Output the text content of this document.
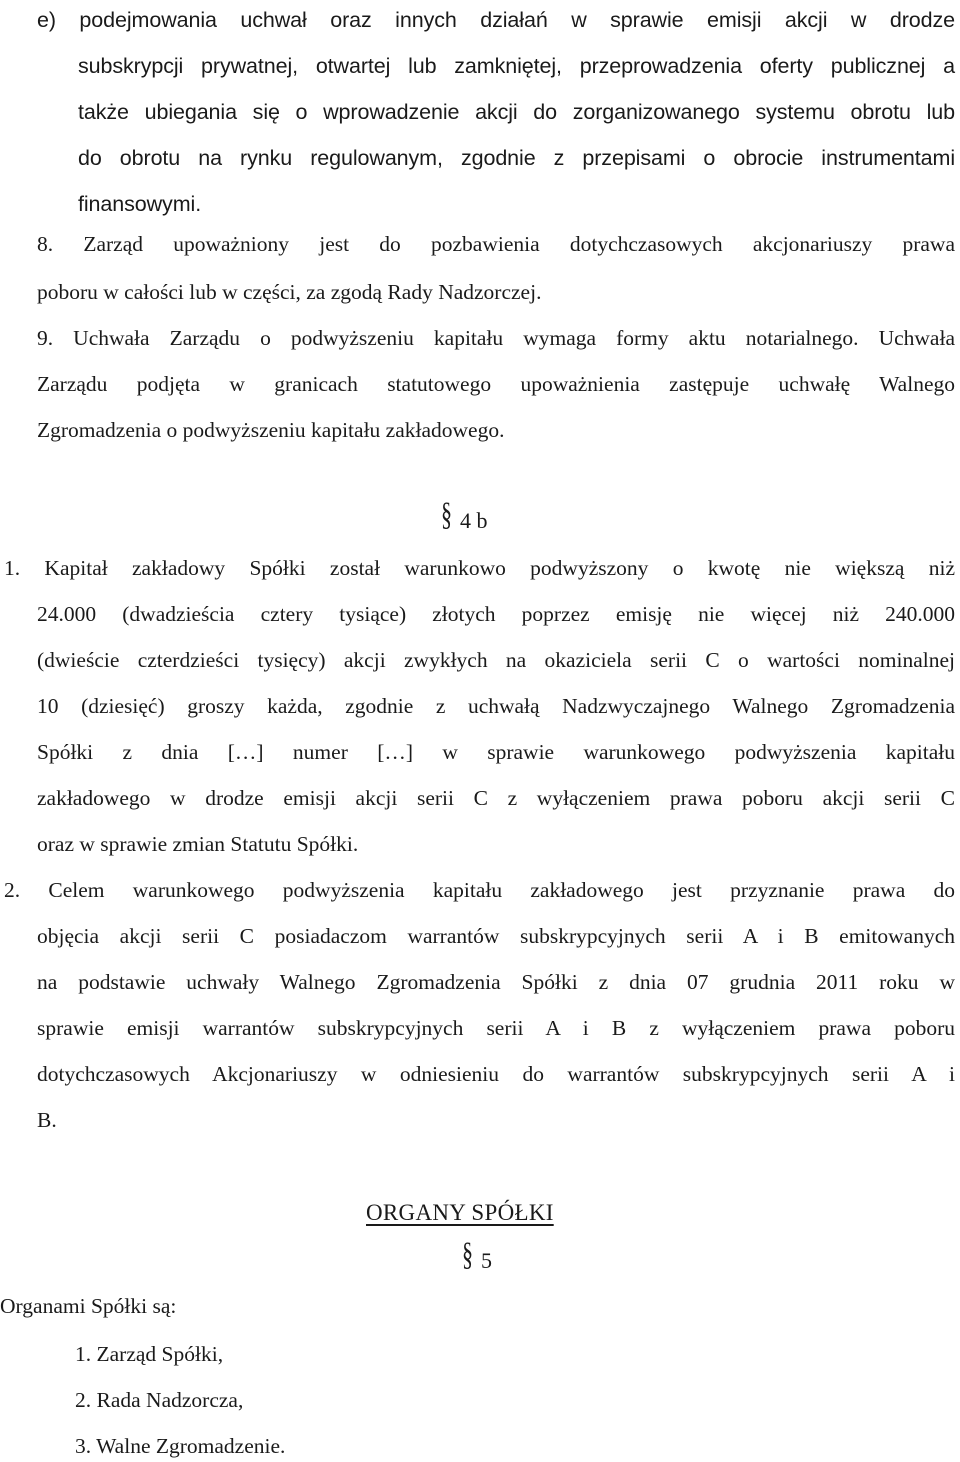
e) podejmowania uchwał oraz innych działań w sprawie emisji akcji w drodze
subskrypcji prywatnej, otwartej lub zamkniętej, przeprowadzenia oferty publicznej a
także ubiegania się o wprowadzenie akcji do zorganizowanego systemu obrotu lub
do obrotu na rynku regulowanym, zgodnie z przepisami o obrocie instrumentami
finansowymi.
8. Zarząd upoważniony jest do pozbawienia dotychczasowych akcjonariuszy prawa
poboru w całości lub w części, za zgodą Rady Nadzorczej.
9. Uchwała Zarządu o podwyższeniu kapitału wymaga formy aktu notarialnego. Uchwała
Zarządu podjęta w granicach statutowego upoważnienia zastępuje uchwałę Walnego
Zgromadzenia o podwyższeniu kapitału zakładowego.
§ 4 b
1. Kapitał zakładowy Spółki został warunkowo podwyższony o kwotę nie większą niż
24.000 (dwadzieścia cztery tysiące) złotych poprzez emisję nie więcej niż 240.000
(dwieście czterdzieści tysięcy) akcji zwykłych na okaziciela serii C o wartości nominalnej
10 (dziesięć) groszy każda, zgodnie z uchwałą Nadzwyczajnego Walnego Zgromadzenia
Spółki z dnia […] numer […] w sprawie warunkowego podwyższenia kapitału
zakładowego w drodze emisji akcji serii C z wyłączeniem prawa poboru akcji serii C
oraz w sprawie zmian Statutu Spółki.
2. Celem warunkowego podwyższenia kapitału zakładowego jest przyznanie prawa do
objęcia akcji serii C posiadaczom warrantów subskrypcyjnych serii A i B emitowanych
na podstawie uchwały Walnego Zgromadzenia Spółki z dnia 07 grudnia 2011 roku w
sprawie emisji warrantów subskrypcyjnych serii A i B z wyłączeniem prawa poboru
dotychczasowych Akcjonariuszy w odniesieniu do warrantów subskrypcyjnych serii A i
B.
ORGANY SPÓŁKI
§ 5
Organami Spółki są:
1. Zarząd Spółki,
2. Rada Nadzorcza,
3. Walne Zgromadzenie.
